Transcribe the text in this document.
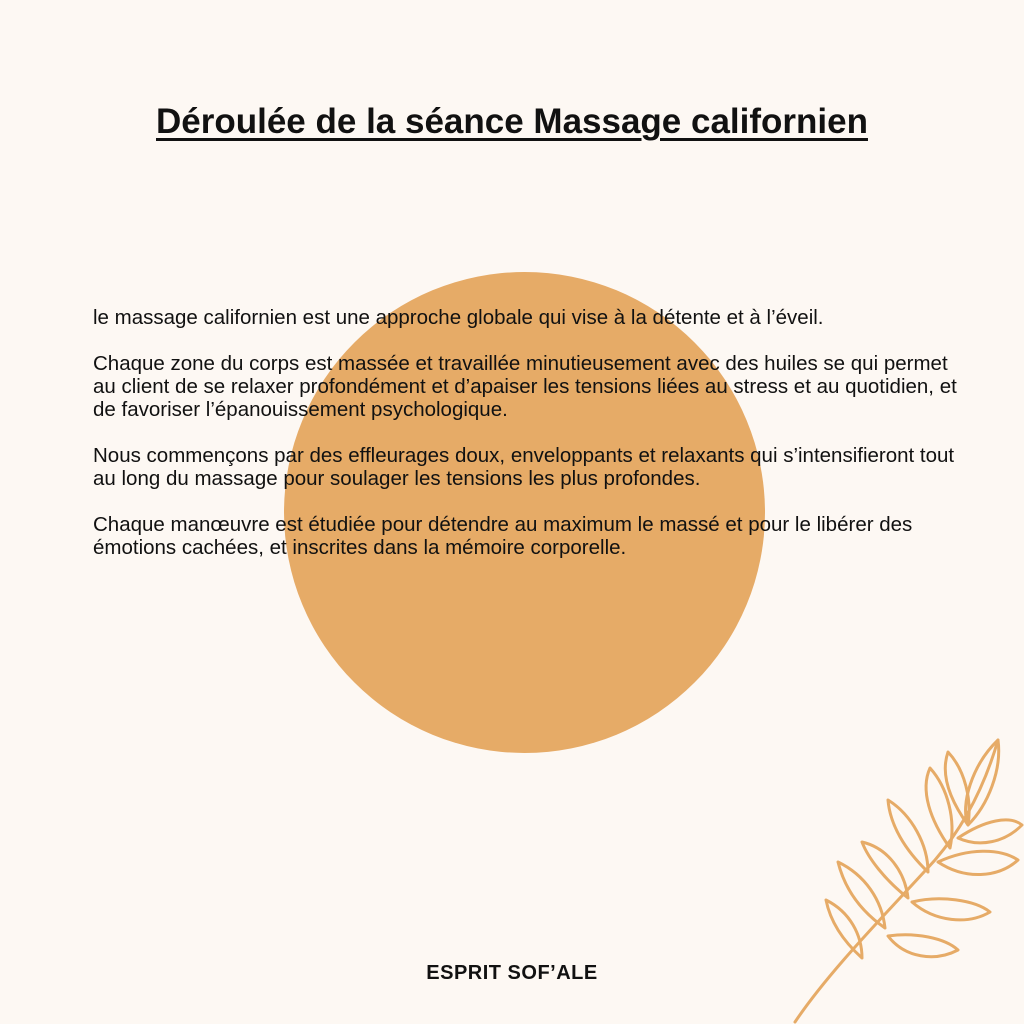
Déroulée de la séance Massage californien

le massage californien est une approche globale qui vise à la détente et à l’éveil.

Chaque zone du corps est massée et travaillée minutieusement avec des huiles se qui permet au client de se relaxer profondément et d’apaiser les tensions liées au stress et au quotidien, et de favoriser l’épanouissement psychologique.

Nous commençons par des effleurages doux, enveloppants et relaxants qui s’intensifieront tout au long du massage pour soulager les tensions les plus profondes.

Chaque manœuvre est étudiée pour détendre au maximum le massé et pour le libérer des émotions cachées, et inscrites dans la mémoire corporelle.

ESPRIT SOF’ALE
